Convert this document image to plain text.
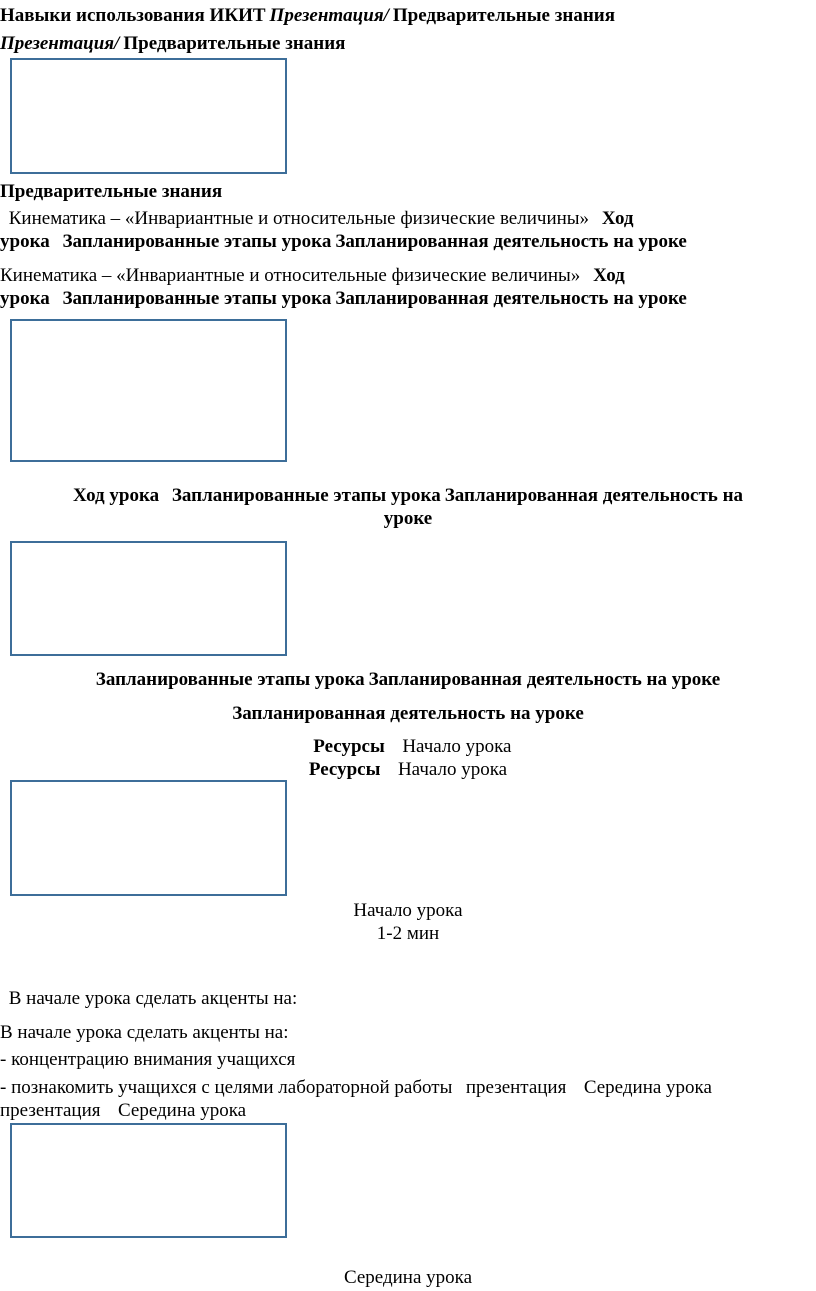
Навыки использования ИКИТ Презентация/ Предварительные знания
Презентация/ Предварительные знания
Предварительные знания
Кинематика – «Инвариантные и относительные физические величины» Ход
урока Запланированные этапы урока Запланированная деятельность на уроке
Кинематика – «Инвариантные и относительные физические величины» Ход
урока Запланированные этапы урока Запланированная деятельность на уроке
Ход урока Запланированные этапы урока Запланированная деятельность на
уроке
Запланированные этапы урока Запланированная деятельность на уроке
Запланированная деятельность на уроке
Ресурсы Начало урока
Ресурсы Начало урока
Начало урока
1-2 мин
В начале урока сделать акценты на:
В начале урока сделать акценты на:
- концентрацию внимания учащихся
- познакомить учащихся с целями лабораторной работы презентация Середина урока
презентация Середина урока
Середина урока
